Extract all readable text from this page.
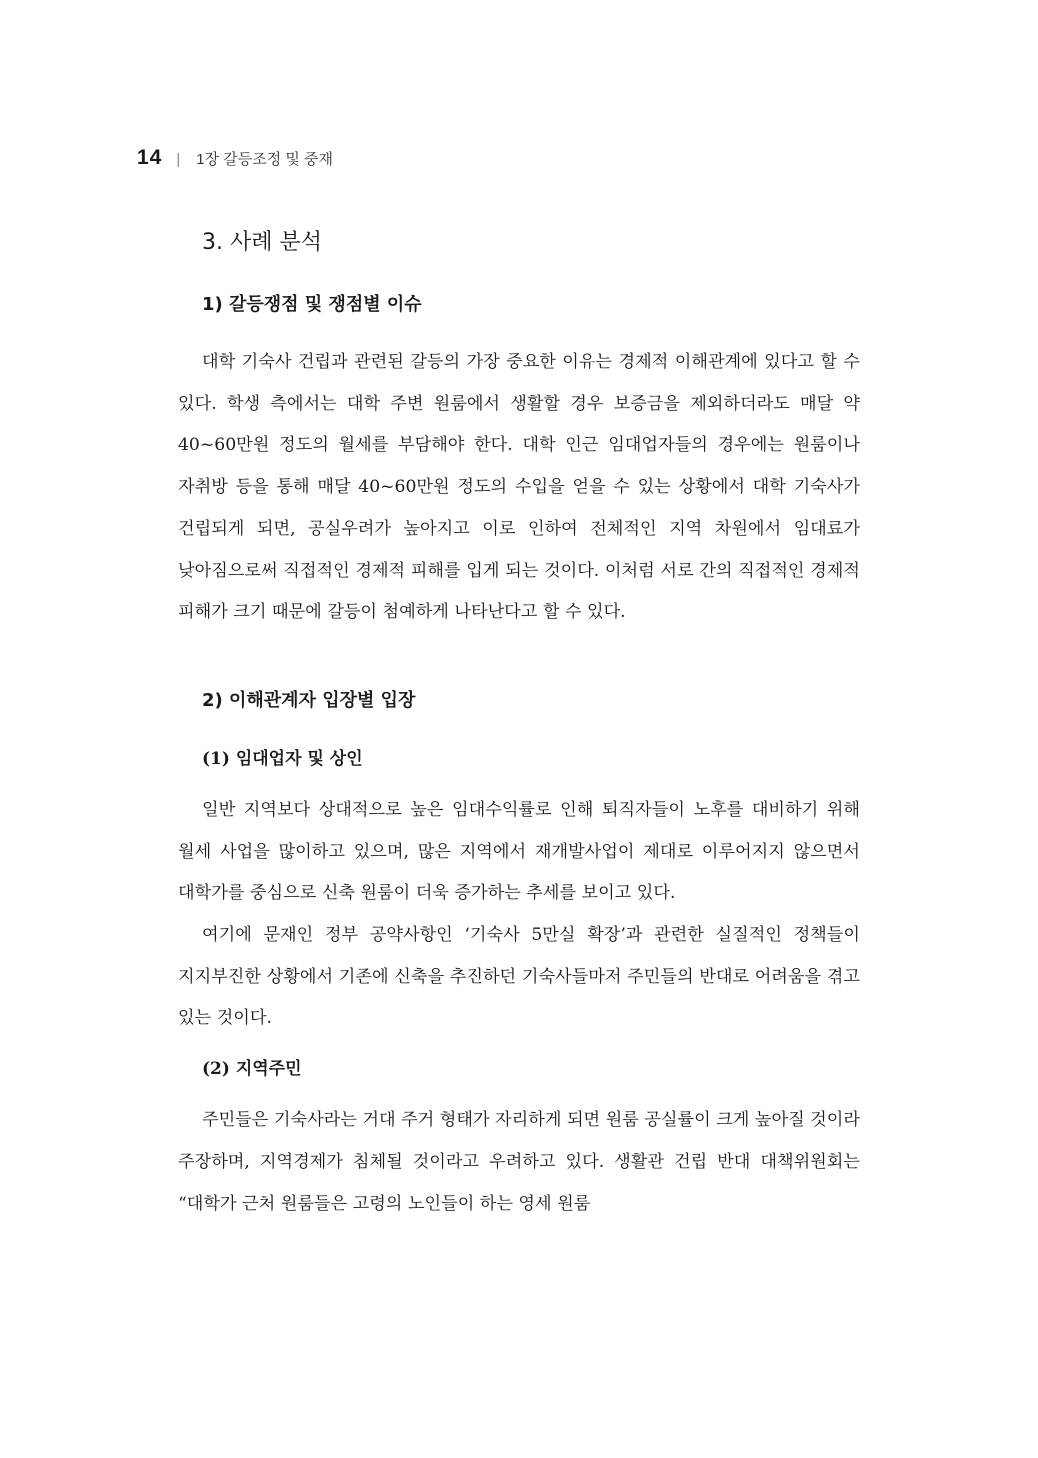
14 | 1장 갈등조정 및 중재
3. 사례 분석
1) 갈등쟁점 및 쟁점별 이슈

대학 기숙사 건립과 관련된 갈등의 가장 중요한 이유는 경제적 이해관계에 있다고 할 수 있다. 학생 측에서는 대학 주변 원룸에서 생활할 경우 보증금을 제외하더라도 매달 약 40~60만원 정도의 월세를 부담해야 한다. 대학 인근 임대업자들의 경우에는 원룸이나 자취방 등을 통해 매달 40~60만원 정도의 수입을 얻을 수 있는 상황에서 대학 기숙사가 건립되게 되면, 공실우려가 높아지고 이로 인하여 전체적인 지역 차원에서 임대료가 낮아짐으로써 직접적인 경제적 피해를 입게 되는 것이다. 이처럼 서로 간의 직접적인 경제적 피해가 크기 때문에 갈등이 첨예하게 나타난다고 할 수 있다.

2) 이해관계자 입장별 입장
(1) 임대업자 및 상인

일반 지역보다 상대적으로 높은 임대수익률로 인해 퇴직자들이 노후를 대비하기 위해 월세 사업을 많이하고 있으며, 많은 지역에서 재개발사업이 제대로 이루어지지 않으면서 대학가를 중심으로 신축 원룸이 더욱 증가하는 추세를 보이고 있다.

여기에 문재인 정부 공약사항인 ‘기숙사 5만실 확장’과 관련한 실질적인 정책들이 지지부진한 상황에서 기존에 신축을 추진하던 기숙사들마저 주민들의 반대로 어려움을 겪고 있는 것이다.

(2) 지역주민

주민들은 기숙사라는 거대 주거 형태가 자리하게 되면 원룸 공실률이 크게 높아질 것이라 주장하며, 지역경제가 침체될 것이라고 우려하고 있다. 생활관 건립 반대 대책위원회는 “대학가 근처 원룸들은 고령의 노인들이 하는 영세 원룸
